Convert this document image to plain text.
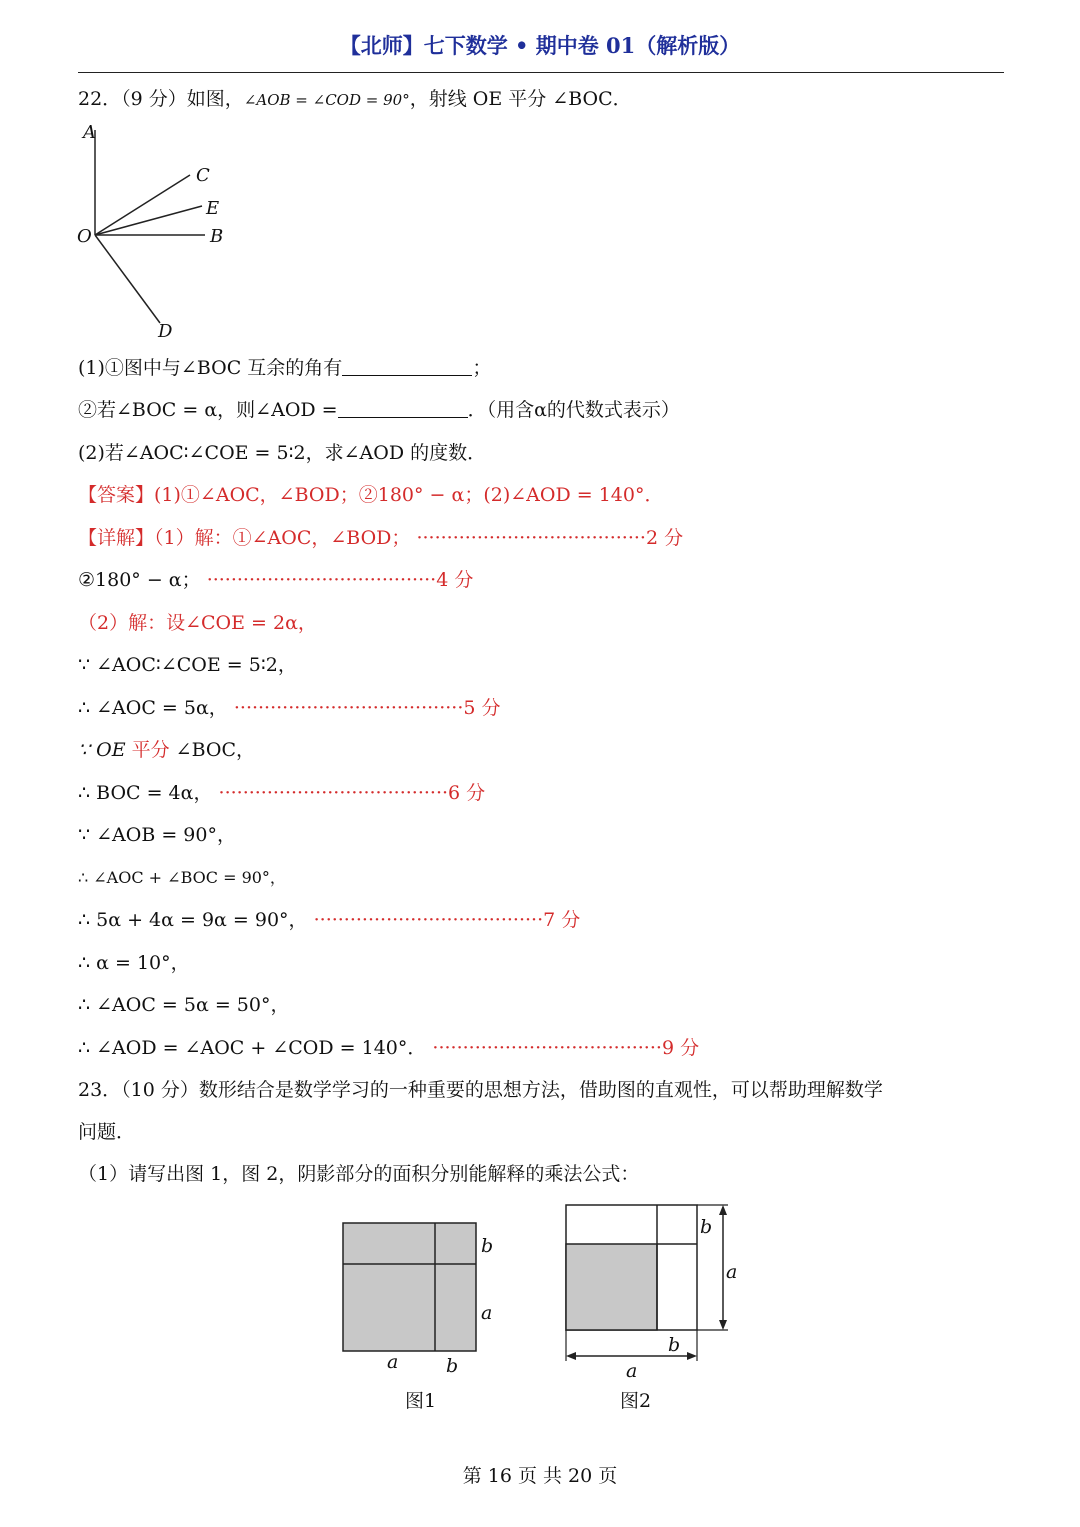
【北师】七下数学 • 期中卷 01（解析版）
22．（9 分）如图，∠AOB = ∠COD = 90°，射线 OE 平分 ∠BOC．
A
C
E
O	B
D
(1)①图中与∠BOC 互余的角有	；
②若∠BOC = α，则∠AOD =	．（用含α的代数式表示）
(2)若∠AOC∶∠COE = 5∶2，求∠AOD 的度数．
【答案】(1)①∠AOC，∠BOD；②180° − α；(2)∠AOD = 140°．
【详解】（1）解：①∠AOC，∠BOD； ······································2 分
②180° − α； ······································4 分
（2）解：设∠COE = 2α，
∵ ∠AOC∶∠COE = 5∶2，
∴ ∠AOC = 5α， ······································5 分
∵ OE 平分 ∠BOC，
∴ BOC = 4α， ······································6 分
∵ ∠AOB = 90°，
∴ ∠AOC + ∠BOC = 90°，
∴ 5α + 4α = 9α = 90°， ······································7 分
∴ α = 10°，
∴ ∠AOC = 5α = 50°，
∴ ∠AOD = ∠AOC + ∠COD = 140°． ······································9 分
23．（10 分）数形结合是数学学习的一种重要的思想方法，借助图的直观性，可以帮助理解数学
问题．
（1）请写出图 1，图 2，阴影部分的面积分别能解释的乘法公式：
b
a
a	b
图1
b
a
b
a
图2
第 16 页 共 20 页
